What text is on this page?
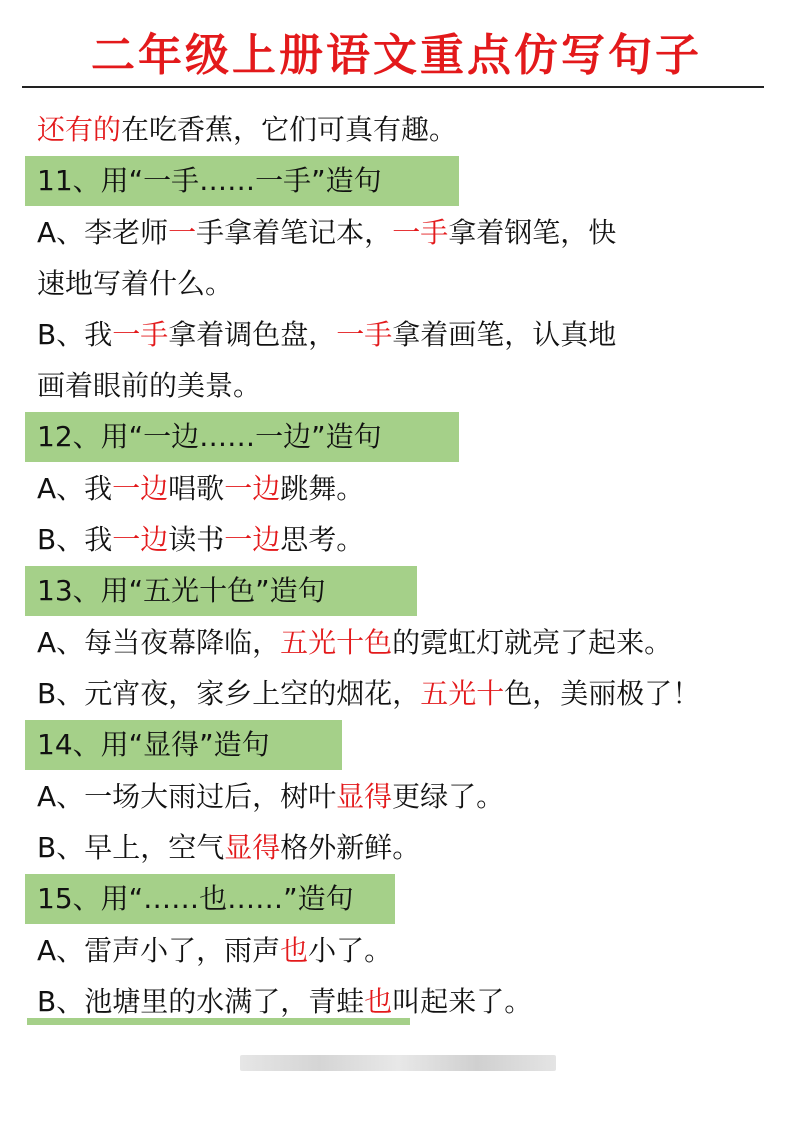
二年级上册语文重点仿写句子
还有的在吃香蕉，它们可真有趣。
11、用“一手……一手”造句
A、李老师一手拿着笔记本，一手拿着钢笔，快
速地写着什么。
B、我一手拿着调色盘，一手拿着画笔，认真地
画着眼前的美景。
12、用“一边……一边”造句
A、我一边唱歌一边跳舞。
B、我一边读书一边思考。
13、用“五光十色”造句
A、每当夜幕降临，五光十色的霓虹灯就亮了起来。
B、元宵夜，家乡上空的烟花，五光十色，美丽极了！
14、用“显得”造句
A、一场大雨过后，树叶显得更绿了。
B、早上，空气显得格外新鲜。
15、用“……也……”造句
A、雷声小了，雨声也小了。
B、池塘里的水满了，青蛙也叫起来了。
